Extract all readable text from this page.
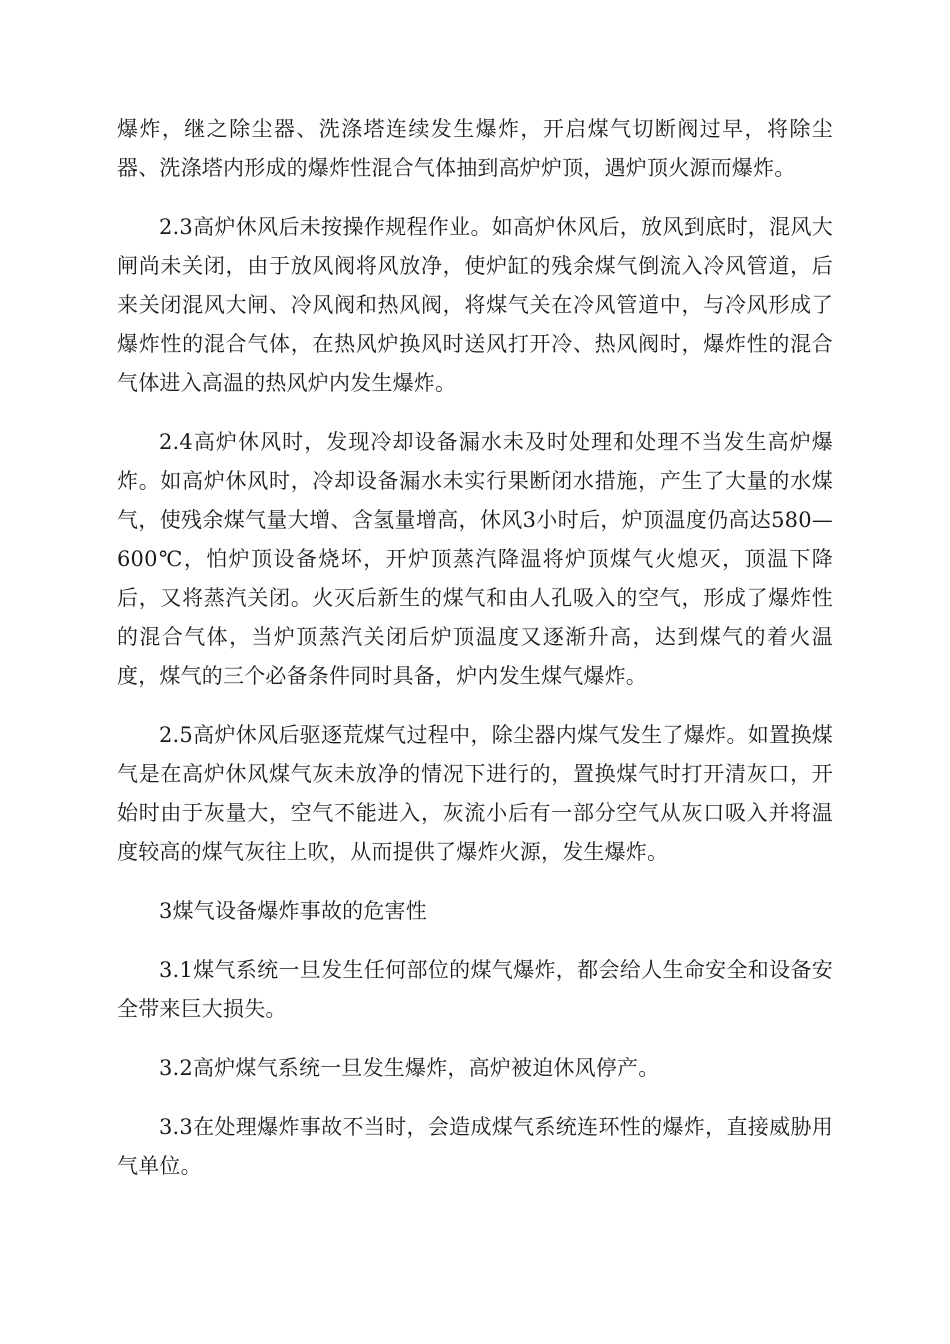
爆炸，继之除尘器、洗涤塔连续发生爆炸，开启煤气切断阀过早，将除尘器、洗涤塔内形成的爆炸性混合气体抽到高炉炉顶，遇炉顶火源而爆炸。

2.3高炉休风后未按操作规程作业。如高炉休风后，放风到底时，混风大闸尚未关闭，由于放风阀将风放净，使炉缸的残余煤气倒流入冷风管道，后来关闭混风大闸、冷风阀和热风阀，将煤气关在冷风管道中，与冷风形成了爆炸性的混合气体，在热风炉换风时送风打开冷、热风阀时，爆炸性的混合气体进入高温的热风炉内发生爆炸。

2.4高炉休风时，发现冷却设备漏水未及时处理和处理不当发生高炉爆炸。如高炉休风时，冷却设备漏水未实行果断闭水措施，产生了大量的水煤气，使残余煤气量大增、含氢量增高，休风3小时后，炉顶温度仍高达580—600℃，怕炉顶设备烧坏，开炉顶蒸汽降温将炉顶煤气火熄灭，顶温下降后，又将蒸汽关闭。火灭后新生的煤气和由人孔吸入的空气，形成了爆炸性的混合气体，当炉顶蒸汽关闭后炉顶温度又逐渐升高，达到煤气的着火温度，煤气的三个必备条件同时具备，炉内发生煤气爆炸。

2.5高炉休风后驱逐荒煤气过程中，除尘器内煤气发生了爆炸。如置换煤气是在高炉休风煤气灰未放净的情况下进行的，置换煤气时打开清灰口，开始时由于灰量大，空气不能进入，灰流小后有一部分空气从灰口吸入并将温度较高的煤气灰往上吹，从而提供了爆炸火源，发生爆炸。

3煤气设备爆炸事故的危害性

3.1煤气系统一旦发生任何部位的煤气爆炸，都会给人生命安全和设备安全带来巨大损失。

3.2高炉煤气系统一旦发生爆炸，高炉被迫休风停产。

3.3在处理爆炸事故不当时，会造成煤气系统连环性的爆炸，直接威胁用气单位。
